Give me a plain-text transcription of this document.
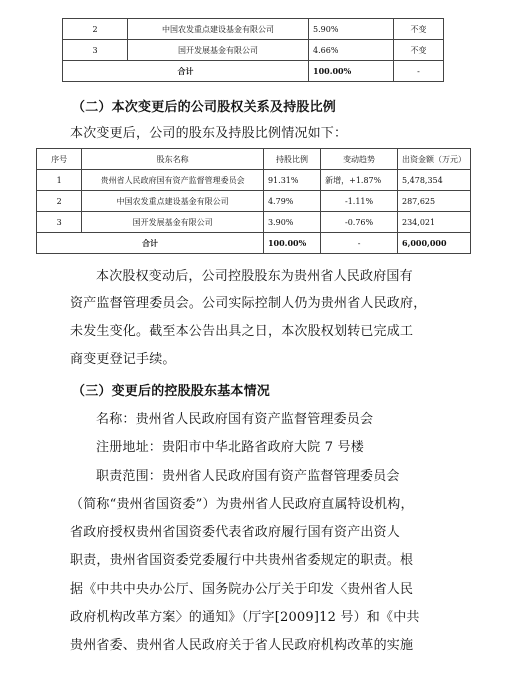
2	中国农发重点建设基金有限公司	5.90%	不变
3	国开发展基金有限公司	4.66%	不变
合计		100.00%	-
（二）本次变更后的公司股权关系及持股比例
本次变更后，公司的股东及持股比例情况如下：
序号	股东名称	持股比例	变动趋势	出资金额（万元）
1	贵州省人民政府国有资产监督管理委员会	91.31%	新增，+1.87%	5,478,354
2	中国农发重点建设基金有限公司	4.79%	-1.11%	287,625
3	国开发展基金有限公司	3.90%	-0.76%	234,021
合计		100.00%	-	6,000,000
本次股权变动后，公司控股股东为贵州省人民政府国有
资产监督管理委员会。公司实际控制人仍为贵州省人民政府，
未发生变化。截至本公告出具之日，本次股权划转已完成工
商变更登记手续。
（三）变更后的控股股东基本情况
名称：贵州省人民政府国有资产监督管理委员会
注册地址：贵阳市中华北路省政府大院 7 号楼
职责范围：贵州省人民政府国有资产监督管理委员会
（简称“贵州省国资委”）为贵州省人民政府直属特设机构，
省政府授权贵州省国资委代表省政府履行国有资产出资人
职责，贵州省国资委党委履行中共贵州省委规定的职责。根
据《中共中央办公厅、国务院办公厅关于印发〈贵州省人民
政府机构改革方案〉的通知》（厅字[2009]12 号）和《中共
贵州省委、贵州省人民政府关于省人民政府机构改革的实施
